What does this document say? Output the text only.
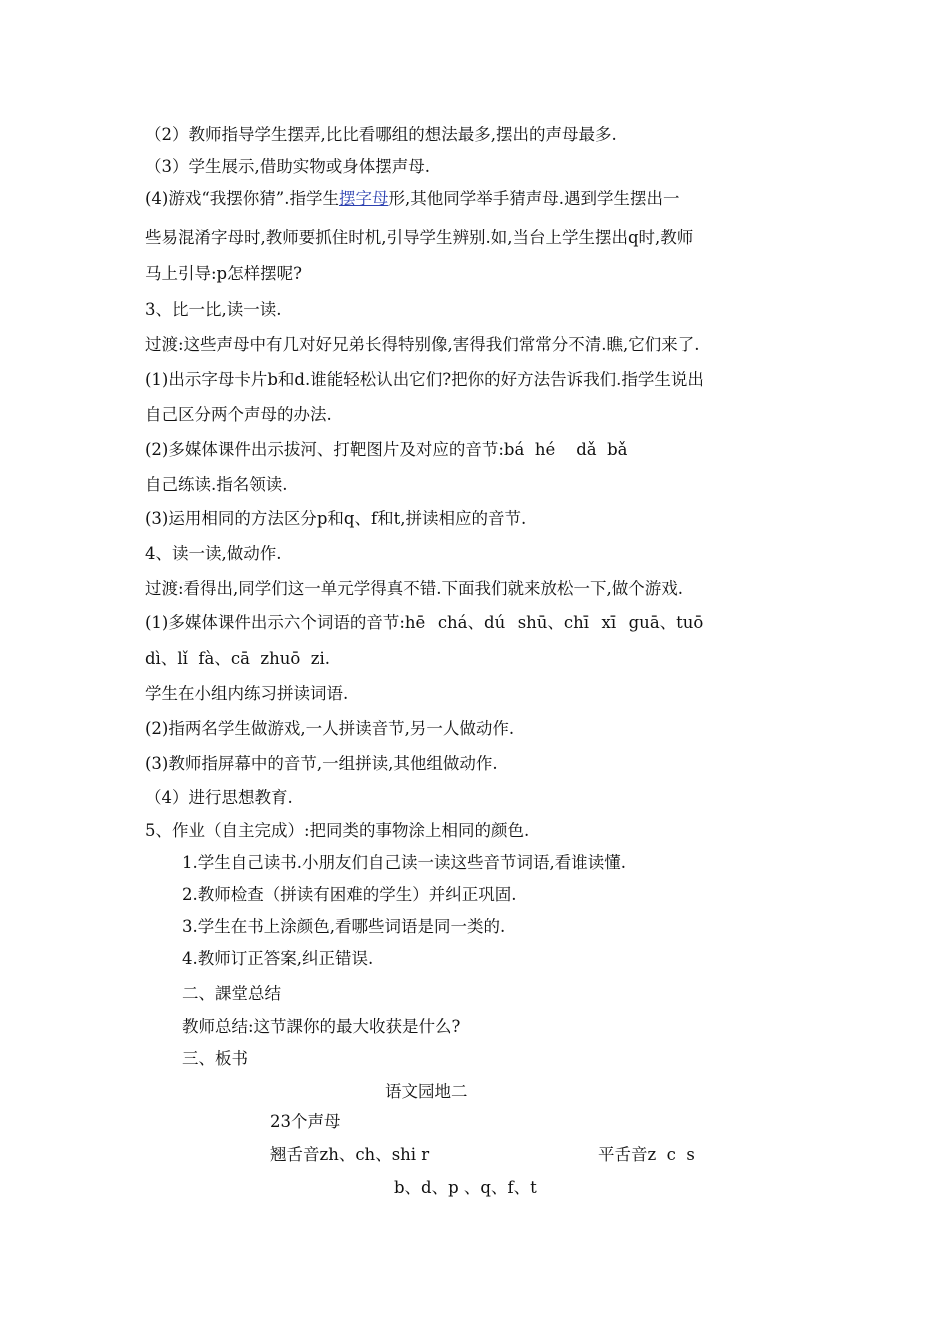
（2）教师指导学生摆弄,比比看哪组的想法最多,摆出的声母最多.
（3）学生展示,借助实物或身体摆声母.
(4)游戏“我摆你猜”.指学生摆字母形,其他同学举手猜声母.遇到学生摆出一
些易混淆字母时,教师要抓住时机,引导学生辨别.如,当台上学生摆出q时,教师
马上引导:p怎样摆呢?
3、比一比,读一读.
过渡:这些声母中有几对好兄弟长得特别像,害得我们常常分不清.瞧,它们来了.
(1)出示字母卡片b和d.谁能轻松认出它们?把你的好方法告诉我们.指学生说出
自己区分两个声母的办法.
(2)多媒体课件出示拔河、打靶图片及对应的音节:bá  hé    dǎ  bǎ
自己练读.指名领读.
(3)运用相同的方法区分p和q、f和t,拼读相应的音节.
4、读一读,做动作.
过渡:看得出,同学们这一单元学得真不错.下面我们就来放松一下,做个游戏.
(1)多媒体课件出示六个词语的音节:hē  chá、dú  shū、chī  xī  guā、tuō
dì、lǐ  fà、cā  zhuō  zi.
学生在小组内练习拼读词语.
(2)指两名学生做游戏,一人拼读音节,另一人做动作.
(3)教师指屏幕中的音节,一组拼读,其他组做动作.
（4）进行思想教育.
5、作业（自主完成）:把同类的事物涂上相同的颜色.
1.学生自己读书.小朋友们自己读一读这些音节词语,看谁读懂.
2.教师检查（拼读有困难的学生）并纠正巩固.
3.学生在书上涂颜色,看哪些词语是同一类的.
4.教师订正答案,纠正错误.
二、課堂总结
教师总结:这节課你的最大收获是什么?
三、板书
语文园地二
23个声母
翘舌音zh、ch、shi r	平舌音z  c  s
b、d、p 、q、f、t
